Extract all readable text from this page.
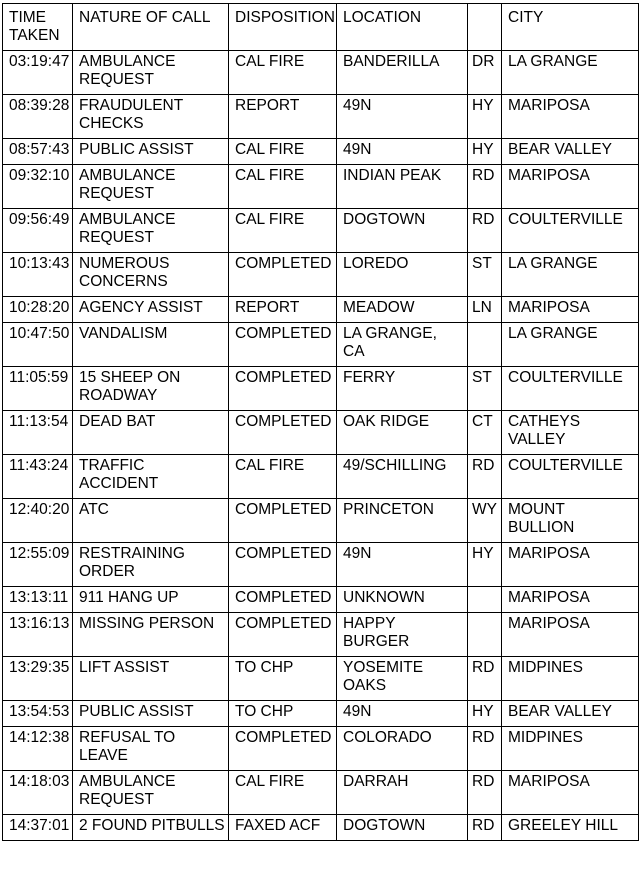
TIME
TAKEN	NATURE OF CALL	DISPOSITION	LOCATION		CITY
03:19:47	AMBULANCE
REQUEST	CAL FIRE	BANDERILLA	DR	LA GRANGE
08:39:28	FRAUDULENT
CHECKS	REPORT	49N	HY	MARIPOSA
08:57:43	PUBLIC ASSIST	CAL FIRE	49N	HY	BEAR VALLEY
09:32:10	AMBULANCE
REQUEST	CAL FIRE	INDIAN PEAK	RD	MARIPOSA
09:56:49	AMBULANCE
REQUEST	CAL FIRE	DOGTOWN	RD	COULTERVILLE
10:13:43	NUMEROUS
CONCERNS	COMPLETED	LOREDO	ST	LA GRANGE
10:28:20	AGENCY ASSIST	REPORT	MEADOW	LN	MARIPOSA
10:47:50	VANDALISM	COMPLETED	LA GRANGE,
CA		LA GRANGE
11:05:59	15 SHEEP ON
ROADWAY	COMPLETED	FERRY	ST	COULTERVILLE
11:13:54	DEAD BAT	COMPLETED	OAK RIDGE	CT	CATHEYS
VALLEY
11:43:24	TRAFFIC
ACCIDENT	CAL FIRE	49/SCHILLING	RD	COULTERVILLE
12:40:20	ATC	COMPLETED	PRINCETON	WY	MOUNT BULLION
12:55:09	RESTRAINING
ORDER	COMPLETED	49N	HY	MARIPOSA
13:13:11	911 HANG UP	COMPLETED	UNKNOWN		MARIPOSA
13:16:13	MISSING PERSON	COMPLETED	HAPPY
BURGER		MARIPOSA
13:29:35	LIFT ASSIST	TO CHP	YOSEMITE
OAKS	RD	MIDPINES
13:54:53	PUBLIC ASSIST	TO CHP	49N	HY	BEAR VALLEY
14:12:38	REFUSAL TO
LEAVE	COMPLETED	COLORADO	RD	MIDPINES
14:18:03	AMBULANCE
REQUEST	CAL FIRE	DARRAH	RD	MARIPOSA
14:37:01	2 FOUND PITBULLS	FAXED ACF	DOGTOWN	RD	GREELEY HILL
